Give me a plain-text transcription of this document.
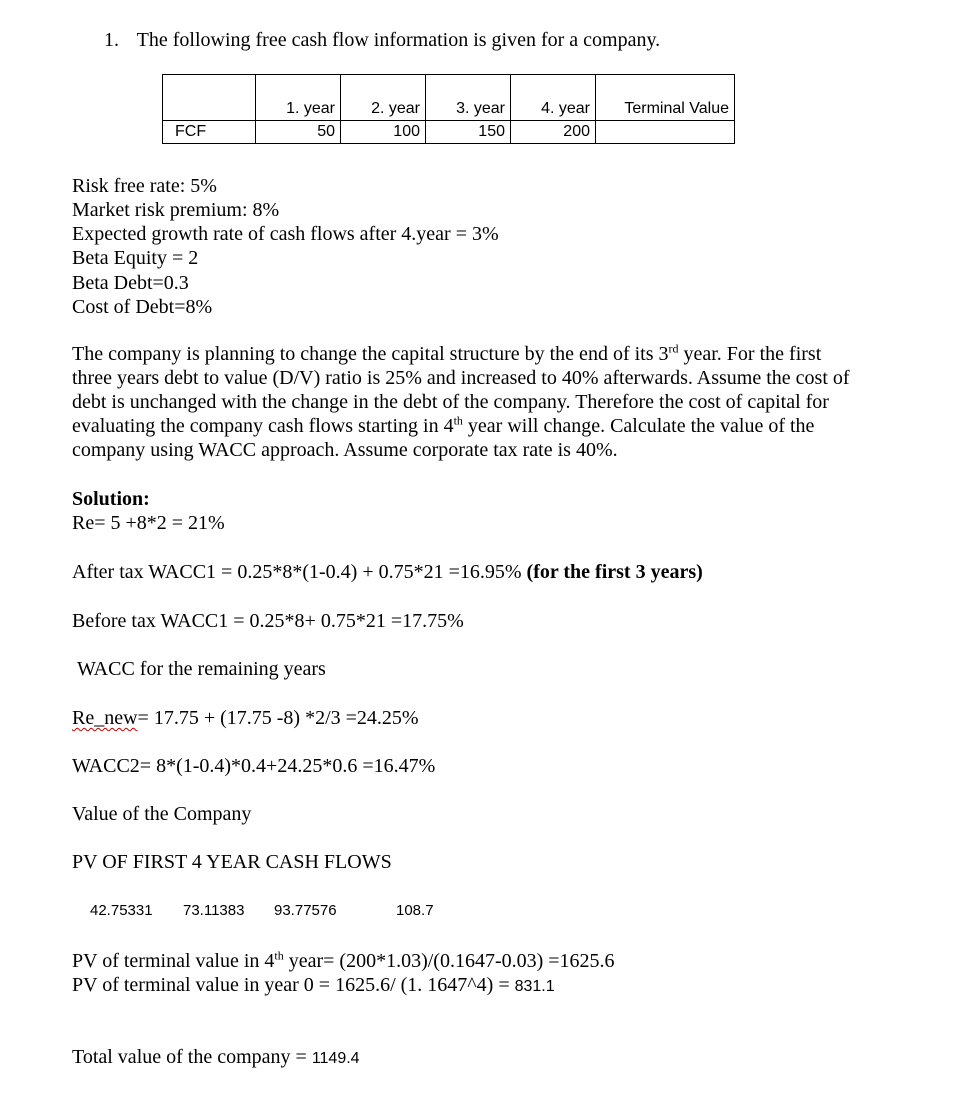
1. The following free cash flow information is given for a company.
	1. year	2. year	3. year	4. year	Terminal Value
FCF	50	100	150	200	
Risk free rate: 5%
Market risk premium: 8%
Expected growth rate of cash flows after 4.year = 3%
Beta Equity = 2
Beta Debt=0.3
Cost of Debt=8%
The company is planning to change the capital structure by the end of its 3rd year. For the first
three years debt to value (D/V) ratio is 25% and increased to 40% afterwards. Assume the cost of
debt is unchanged with the change in the debt of the company. Therefore the cost of capital for
evaluating the company cash flows starting in 4th year will change. Calculate the value of the
company using WACC approach. Assume corporate tax rate is 40%.
Solution:
Re= 5 +8*2 = 21%
After tax WACC1 = 0.25*8*(1-0.4) + 0.75*21 =16.95% (for the first 3 years)
Before tax WACC1 = 0.25*8+ 0.75*21 =17.75%
WACC for the remaining years
Re_new= 17.75 + (17.75 -8) *2/3 =24.25%
WACC2= 8*(1-0.4)*0.4+24.25*0.6 =16.47%
Value of the Company
PV OF FIRST 4 YEAR CASH FLOWS
42.75331 73.11383 93.77576	108.7
PV of terminal value in 4th year= (200*1.03)/(0.1647-0.03) =1625.6
PV of terminal value in year 0 = 1625.6/ (1. 1647^4) = 831.1
Total value of the company = 1149.4
